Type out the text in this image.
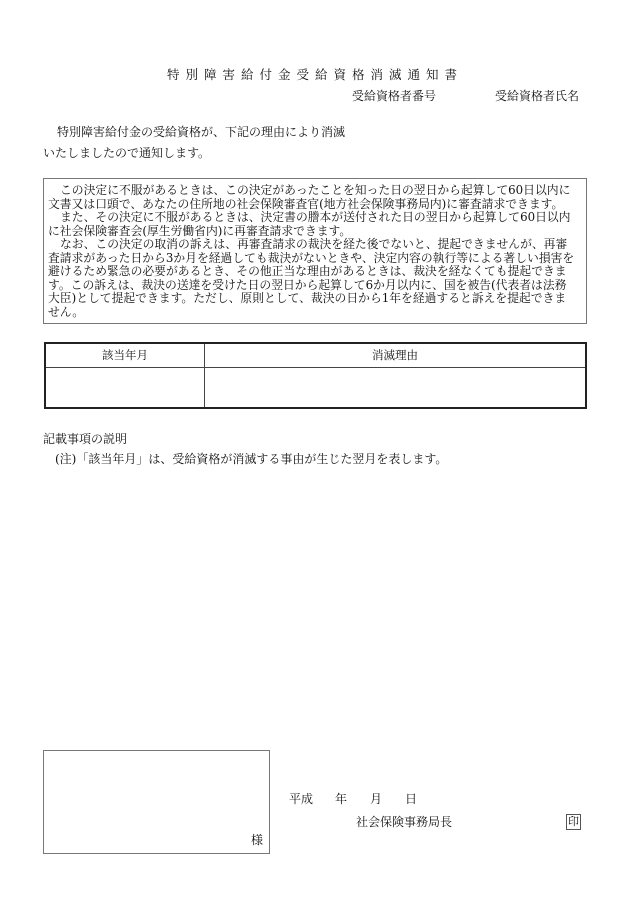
特別障害給付金受給資格消滅通知書
受給資格者番号	受給資格者氏名
特別障害給付金の受給資格が、下記の理由により消滅
いたしましたので通知します。
この決定に不服があるときは、この決定があったことを知った日の翌日から起算して60日以内に
文書又は口頭で、あなたの住所地の社会保険審査官(地方社会保険事務局内)に審査請求できます。
また、その決定に不服があるときは、決定書の謄本が送付された日の翌日から起算して60日以内
に社会保険審査会(厚生労働省内)に再審査請求できます。
なお、この決定の取消の訴えは、再審査請求の裁決を経た後でないと、提起できませんが、再審
査請求があった日から3か月を経過しても裁決がないときや、決定内容の執行等による著しい損害を
避けるため緊急の必要があるとき、その他正当な理由があるときは、裁決を経なくても提起できま
す。この訴えは、裁決の送達を受けた日の翌日から起算して6か月以内に、国を被告(代表者は法務
大臣)として提起できます。ただし、原則として、裁決の日から1年を経過すると訴えを提起できま
せん。
該当年月	消滅理由

記載事項の説明
(注)「該当年月」は、受給資格が消滅する事由が生じた翌月を表します。
様
平成 年 月 日
社会保険事務局長	印
